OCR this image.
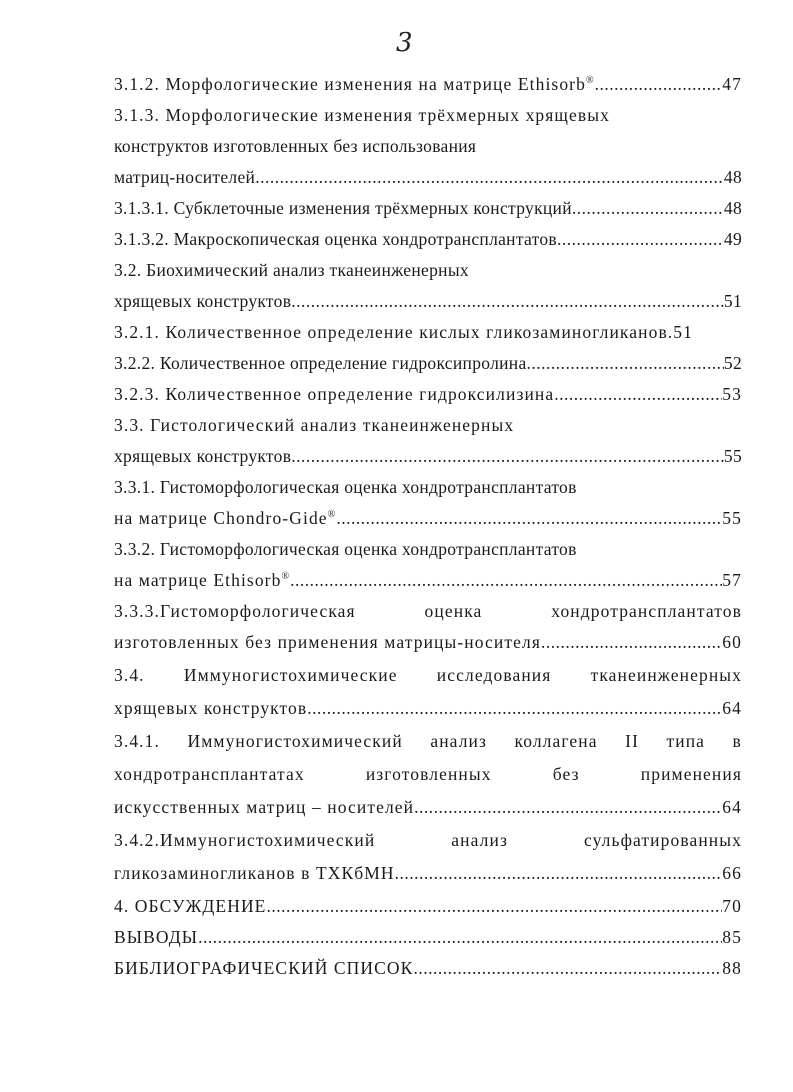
3
3.1.2. Морфологические изменения на матрице Ethisorb® .....	47
3.1.3. Морфологические изменения трёхмерных хрящевых
конструктов изготовленных без использования
матриц-носителей .....	48
3.1.3.1. Субклеточные изменения трёхмерных конструкций .....	48
3.1.3.2. Макроскопическая оценка хондротрансплантатов .....	49
3.2. Биохимический анализ тканеинженерных
хрящевых конструктов .....	51
3.2.1. Количественное определение кислых гликозаминогликанов .51
3.2.2. Количественное определение гидроксипролина .....	52
3.2.3. Количественное определение гидроксилизина .....	53
3.3. Гистологический анализ тканеинженерных
хрящевых конструктов .....	55
3.3.1. Гистоморфологическая оценка хондротрансплантатов
на матрице Chondro-Gide® .....	55
3.3.2. Гистоморфологическая оценка хондротрансплантатов
на матрице Ethisorb® .....	57
3.3.3.Гистоморфологическая	оценка	хондротрансплантатов
изготовленных без применения матрицы-носителя .....	60
3.4. Иммуногистохимические исследования тканеинженерных
хрящевых конструктов .....	64
3.4.1. Иммуногистохимический анализ коллагена II типа в
хондротрансплантатах	изготовленных	без	применения
искусственных матриц – носителей .....	64
3.4.2.Иммуногистохимический	анализ	сульфатированных
гликозаминогликанов в ТХКбМН .....	66
4. ОБСУЖДЕНИЕ .....	70
ВЫВОДЫ .....	85
БИБЛИОГРАФИЧЕСКИЙ СПИСОК .....	88
